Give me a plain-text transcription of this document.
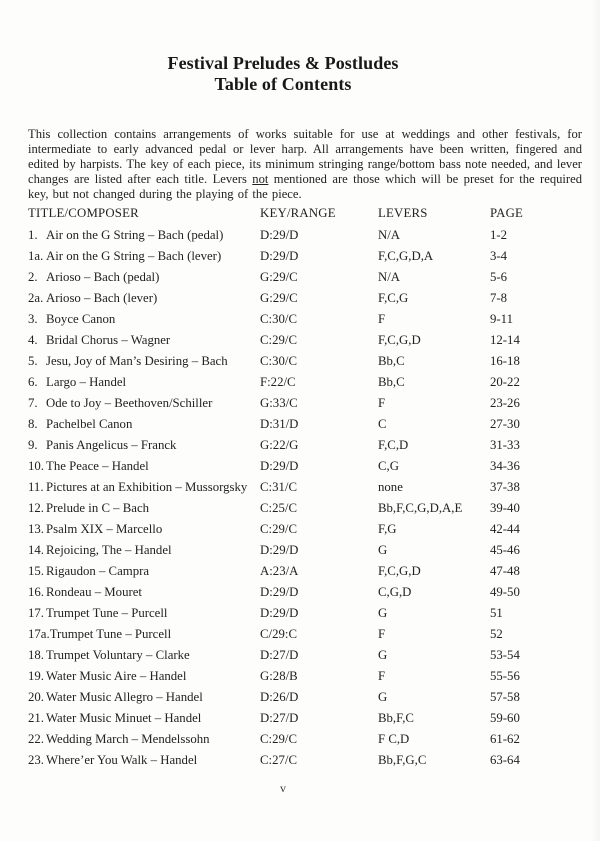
Festival Preludes & Postludes
Table of Contents

This collection contains arrangements of works suitable for use at weddings and other festivals, for intermediate to early advanced pedal or lever harp. All arrangements have been written, fingered and edited by harpists. The key of each piece, its minimum stringing range/bottom bass note needed, and lever changes are listed after each title. Levers not mentioned are those which will be preset for the required key, but not changed during the playing of the piece.

TITLE/COMPOSER	KEY/RANGE	LEVERS	PAGE
1. Air on the G String – Bach (pedal)	D:29/D	N/A	1-2
1a. Air on the G String – Bach (lever)	D:29/D	F,C,G,D,A	3-4
2. Arioso – Bach (pedal)	G:29/C	N/A	5-6
2a. Arioso – Bach (lever)	G:29/C	F,C,G	7-8
3. Boyce Canon	C:30/C	F	9-11
4. Bridal Chorus – Wagner	C:29/C	F,C,G,D	12-14
5. Jesu, Joy of Man’s Desiring – Bach	C:30/C	Bb,C	16-18
6. Largo – Handel	F:22/C	Bb,C	20-22
7. Ode to Joy – Beethoven/Schiller	G:33/C	F	23-26
8. Pachelbel Canon	D:31/D	C	27-30
9. Panis Angelicus – Franck	G:22/G	F,C,D	31-33
10. The Peace – Handel	D:29/D	C,G	34-36
11. Pictures at an Exhibition – Mussorgsky C:31/C	none	37-38
12. Prelude in C – Bach	C:25/C	Bb,F,C,G,D,A,E	39-40
13. Psalm XIX – Marcello	C:29/C	F,G	42-44
14. Rejoicing, The – Handel	D:29/D	G	45-46
15. Rigaudon – Campra	A:23/A	F,C,G,D	47-48
16. Rondeau – Mouret	D:29/D	C,G,D	49-50
17. Trumpet Tune – Purcell	D:29/D	G	51
17a. Trumpet Tune – Purcell	C/29:C	F	52
18. Trumpet Voluntary – Clarke	D:27/D	G	53-54
19. Water Music Aire – Handel	G:28/B	F	55-56
20. Water Music Allegro – Handel	D:26/D	G	57-58
21. Water Music Minuet – Handel	D:27/D	Bb,F,C	59-60
22. Wedding March – Mendelssohn	C:29/C	F C,D	61-62
23. Where’er You Walk – Handel	C:27/C	Bb,F,G,C	63-64
v
